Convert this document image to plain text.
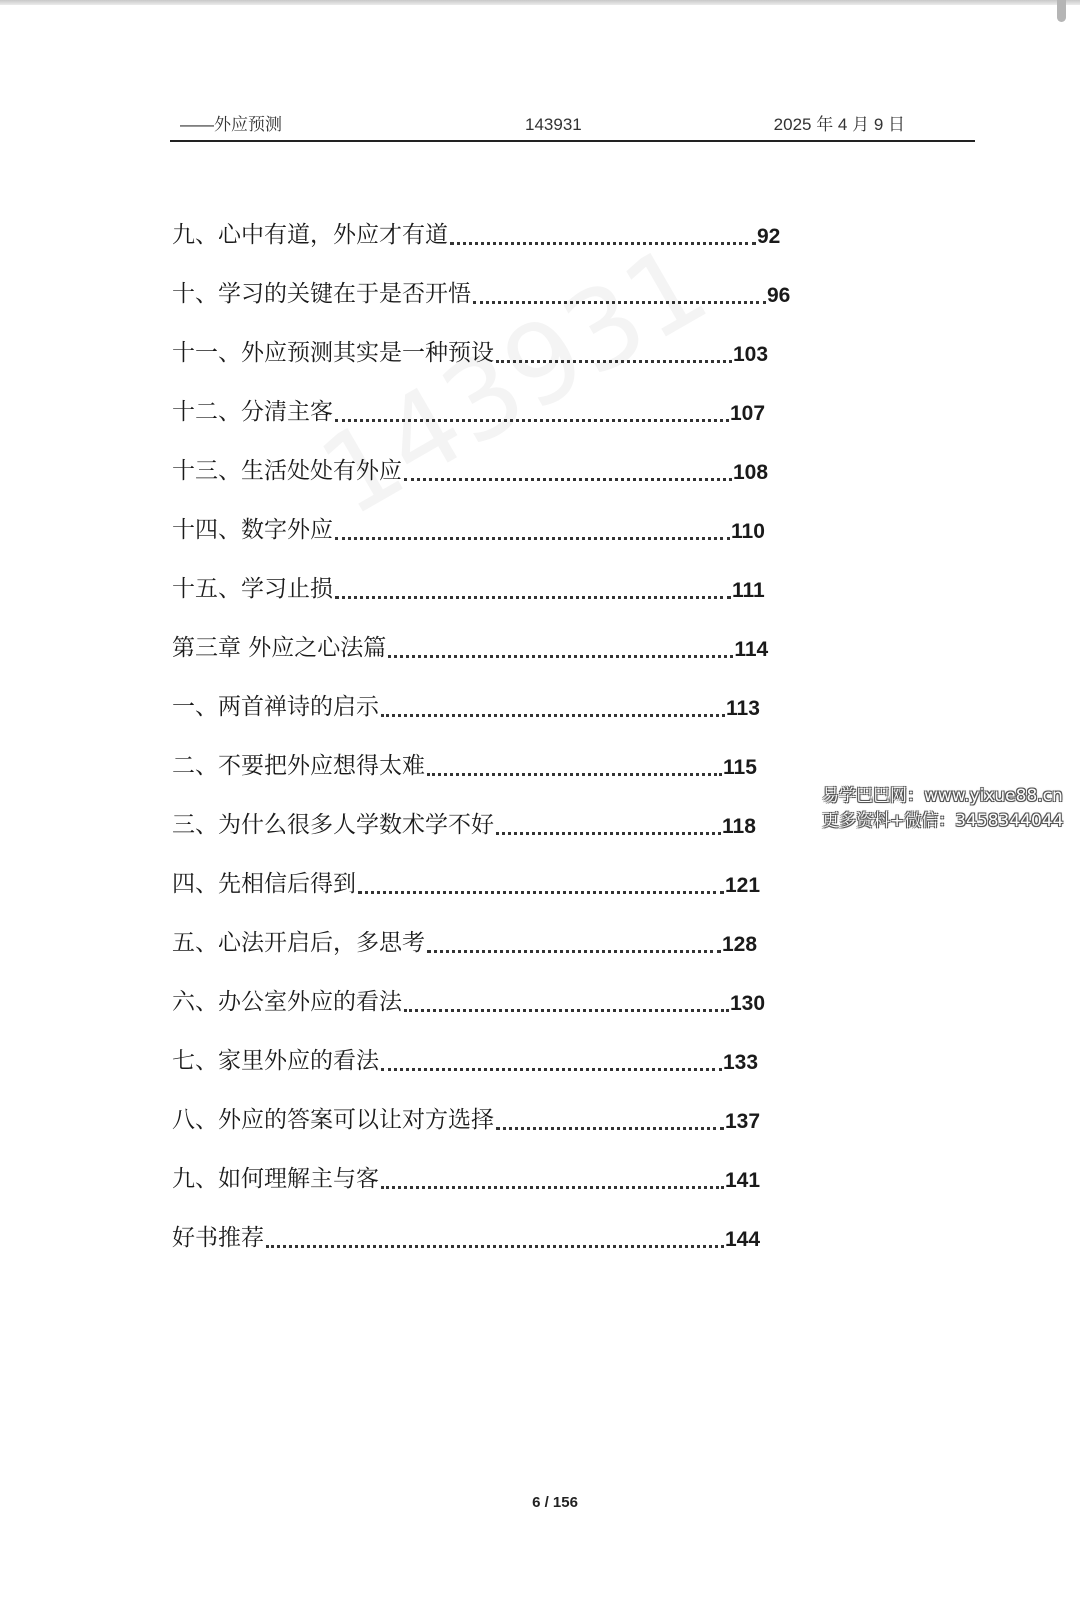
——外应预测	143931	2025 年 4 月 9 日
九、心中有道，外应才有道	92
十、学习的关键在于是否开悟	96
十一、外应预测其实是一种预设	103
十二、分清主客	107
十三、生活处处有外应	108
十四、数字外应	110
十五、学习止损	111
第三章 外应之心法篇	114
一、两首禅诗的启示	113
二、不要把外应想得太难	115
三、为什么很多人学数术学不好	118
四、先相信后得到	121
五、心法开启后，多思考	128
六、办公室外应的看法	130
七、家里外应的看法	133
八、外应的答案可以让对方选择	137
九、如何理解主与客	141
好书推荐	144
易学巴巴网：www.yixue88.cn
更多资料+微信：3458344044
6 / 156
